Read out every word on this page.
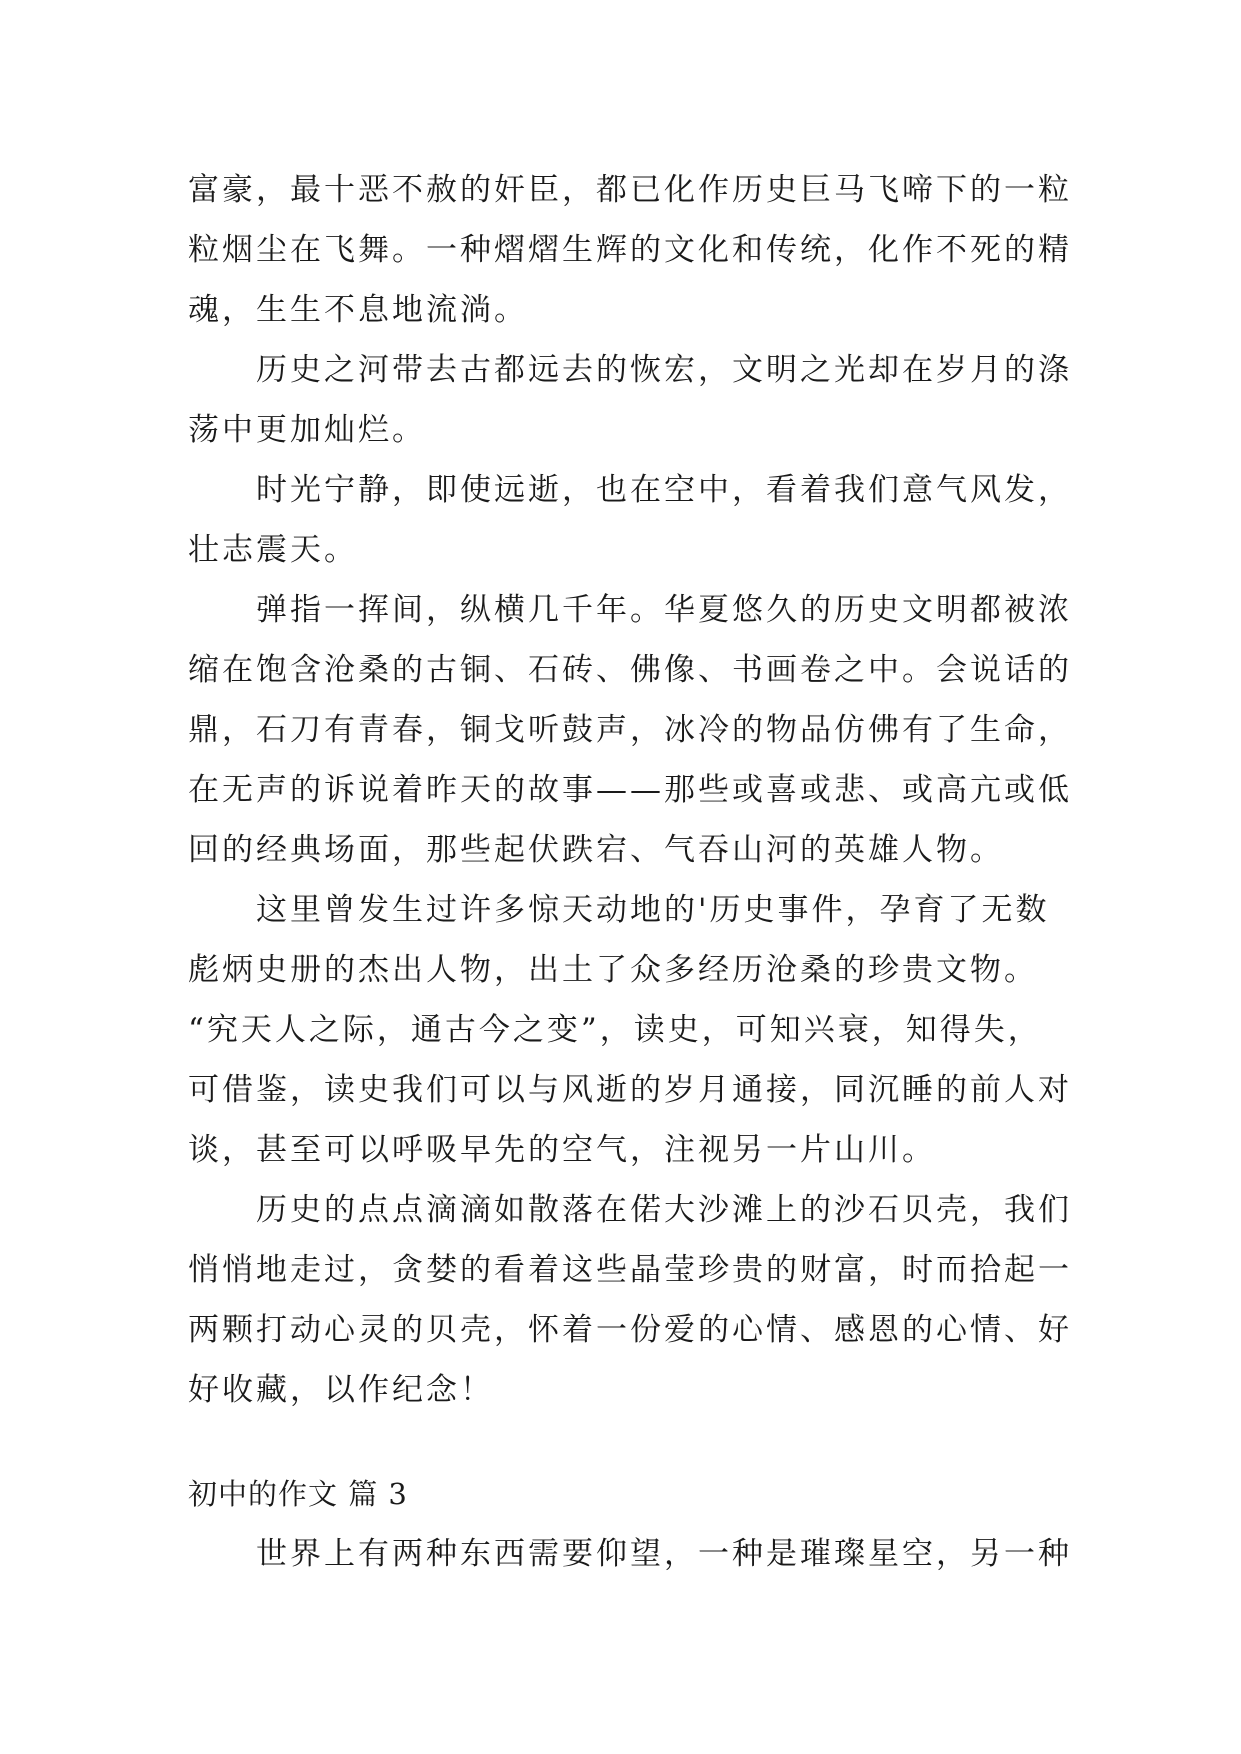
富豪，最十恶不赦的奸臣，都已化作历史巨马飞啼下的一粒
粒烟尘在飞舞。一种熠熠生辉的文化和传统，化作不死的精
魂，生生不息地流淌。
历史之河带去古都远去的恢宏，文明之光却在岁月的涤
荡中更加灿烂。
时光宁静，即使远逝，也在空中，看着我们意气风发，
壮志震天。
弹指一挥间，纵横几千年。华夏悠久的历史文明都被浓
缩在饱含沧桑的古铜、石砖、佛像、书画卷之中。会说话的
鼎，石刀有青春，铜戈听鼓声，冰冷的物品仿佛有了生命，
在无声的诉说着昨天的故事——那些或喜或悲、或高亢或低
回的经典场面，那些起伏跌宕、气吞山河的英雄人物。
这里曾发生过许多惊天动地的'历史事件，孕育了无数
彪炳史册的杰出人物，出土了众多经历沧桑的珍贵文物。
“究天人之际，通古今之变”，读史，可知兴衰，知得失，
可借鉴，读史我们可以与风逝的岁月通接，同沉睡的前人对
谈，甚至可以呼吸早先的空气，注视另一片山川。
历史的点点滴滴如散落在偌大沙滩上的沙石贝壳，我们
悄悄地走过，贪婪的看着这些晶莹珍贵的财富，时而拾起一
两颗打动心灵的贝壳，怀着一份爱的心情、感恩的心情、好
好收藏，以作纪念！
初中的作文 篇 3
世界上有两种东西需要仰望，一种是璀璨星空，另一种
